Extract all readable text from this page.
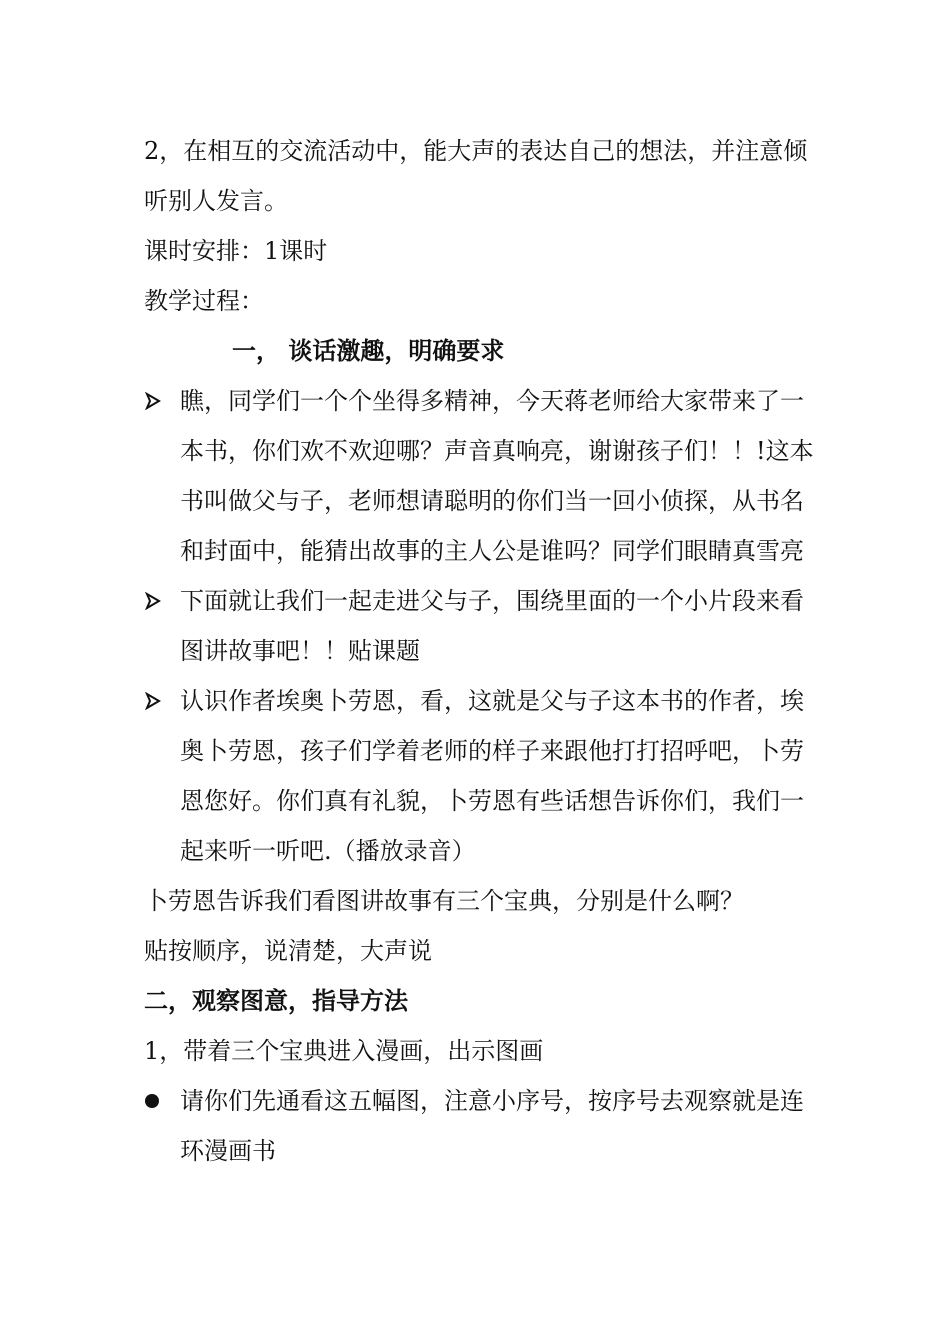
2，在相互的交流活动中，能大声的表达自己的想法，并注意倾听别人发言。

课时安排：1课时

教学过程：

一， 谈话激趣，明确要求

瞧，同学们一个个坐得多精神，今天蒋老师给大家带来了一本书，你们欢不欢迎哪？声音真响亮，谢谢孩子们！！!这本书叫做父与子，老师想请聪明的你们当一回小侦探，从书名和封面中，能猜出故事的主人公是谁吗？同学们眼睛真雪亮
下面就让我们一起走进父与子，围绕里面的一个小片段来看图讲故事吧！！贴课题
认识作者埃奥卜劳恩，看，这就是父与子这本书的作者，埃奥卜劳恩，孩子们学着老师的样子来跟他打打招呼吧，卜劳恩您好。你们真有礼貌，卜劳恩有些话想告诉你们，我们一起来听一听吧.（播放录音）

卜劳恩告诉我们看图讲故事有三个宝典，分别是什么啊？

贴按顺序，说清楚，大声说

二，观察图意，指导方法

1，带着三个宝典进入漫画，出示图画

请你们先通看这五幅图，注意小序号，按序号去观察就是连环漫画书
